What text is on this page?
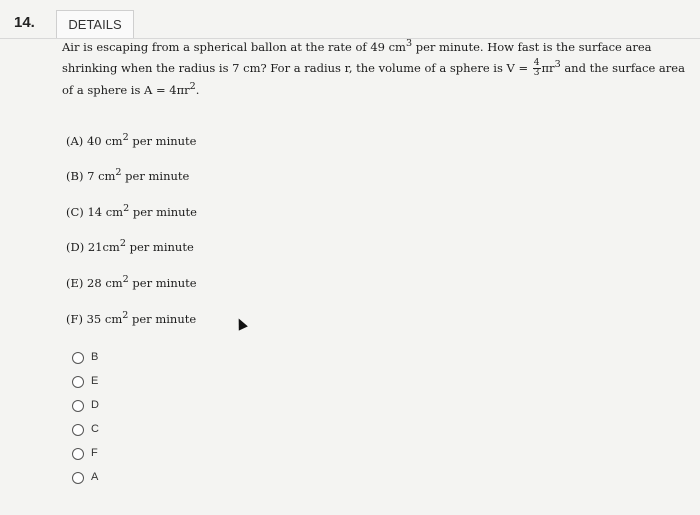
14.	DETAILS
Air is escaping from a spherical ballon at the rate of 49 $cm^3$ per minute. How fast is the surface area shrinking when the radius is 7 cm? For a radius r, the volume of a sphere is $V = \frac{4}{3} \pi r^3$ and the surface area of a sphere is $A = 4\pi r^2$.
(A) 40 $cm^2$ per minute
(B) 7 $cm^2$ per minute
(C) 14 $cm^2$ per minute
(D) $21cm^2$ per minute
(E) 28 $cm^2$ per minute
(F) 35 $cm^2$ per minute
B
E
D
C
F
A
